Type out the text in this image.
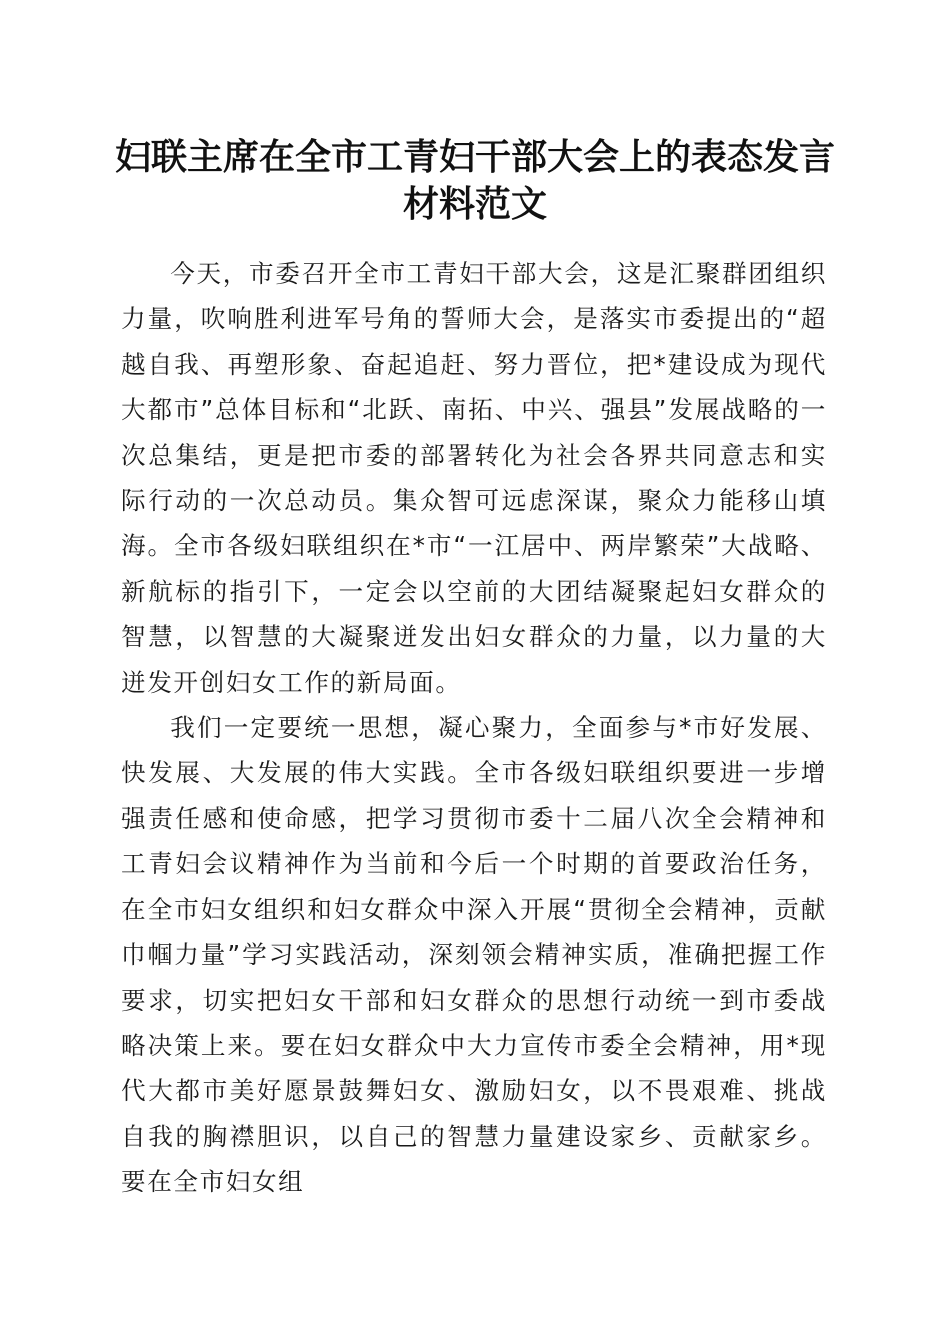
妇联主席在全市工青妇干部大会上的表态发言材料范文

今天，市委召开全市工青妇干部大会，这是汇聚群团组织力量，吹响胜利进军号角的誓师大会，是落实市委提出的“超越自我、再塑形象、奋起追赶、努力晋位，把*建设成为现代大都市”总体目标和“北跃、南拓、中兴、强县”发展战略的一次总集结，更是把市委的部署转化为社会各界共同意志和实际行动的一次总动员。集众智可远虑深谋，聚众力能移山填海。全市各级妇联组织在*市“一江居中、两岸繁荣”大战略、新航标的指引下，一定会以空前的大团结凝聚起妇女群众的智慧，以智慧的大凝聚迸发出妇女群众的力量，以力量的大迸发开创妇女工作的新局面。

我们一定要统一思想，凝心聚力，全面参与*市好发展、快发展、大发展的伟大实践。全市各级妇联组织要进一步增强责任感和使命感，把学习贯彻市委十二届八次全会精神和工青妇会议精神作为当前和今后一个时期的首要政治任务，在全市妇女组织和妇女群众中深入开展“贯彻全会精神，贡献巾帼力量”学习实践活动，深刻领会精神实质，准确把握工作要求，切实把妇女干部和妇女群众的思想行动统一到市委战略决策上来。要在妇女群众中大力宣传市委全会精神，用*现代大都市美好愿景鼓舞妇女、激励妇女，以不畏艰难、挑战自我的胸襟胆识，以自己的智慧力量建设家乡、贡献家乡。要在全市妇女组
